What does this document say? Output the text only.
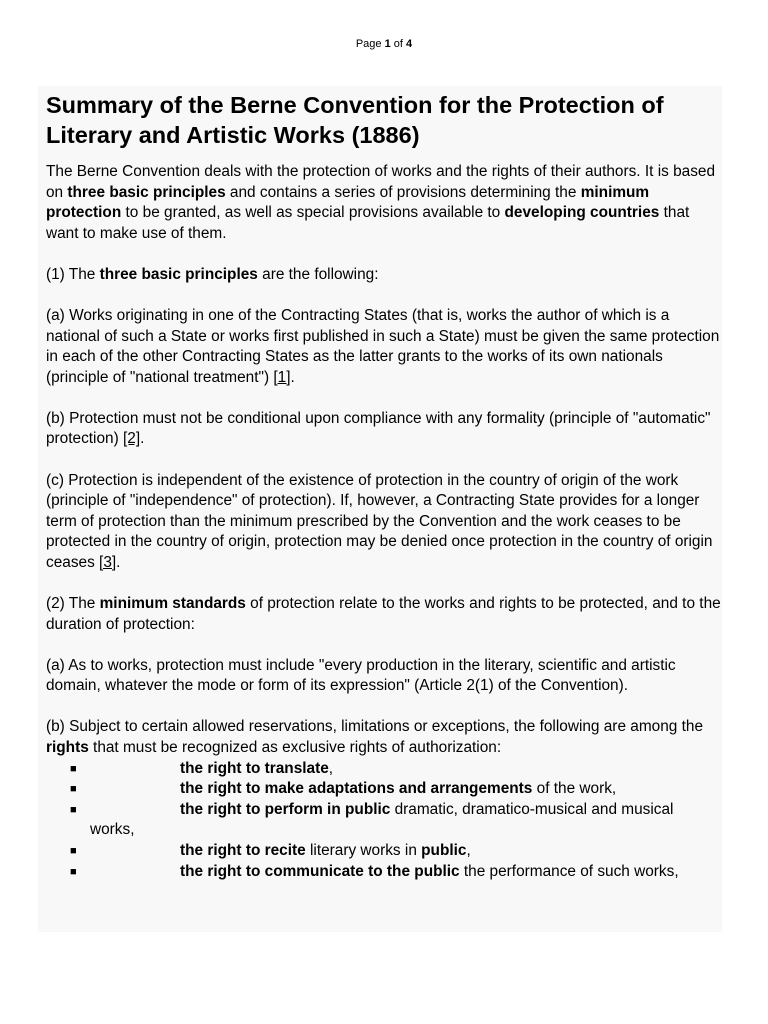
Page 1 of 4
Summary of the Berne Convention for the Protection of Literary and Artistic Works (1886)

The Berne Convention deals with the protection of works and the rights of their authors. It is based on three basic principles and contains a series of provisions determining the minimum protection to be granted, as well as special provisions available to developing countries that want to make use of them.

(1) The three basic principles are the following:

(a) Works originating in one of the Contracting States (that is, works the author of which is a national of such a State or works first published in such a State) must be given the same protection in each of the other Contracting States as the latter grants to the works of its own nationals (principle of "national treatment") [1].

(b) Protection must not be conditional upon compliance with any formality (principle of "automatic" protection) [2].

(c) Protection is independent of the existence of protection in the country of origin of the work (principle of "independence" of protection). If, however, a Contracting State provides for a longer term of protection than the minimum prescribed by the Convention and the work ceases to be protected in the country of origin, protection may be denied once protection in the country of origin ceases [3].

(2) The minimum standards of protection relate to the works and rights to be protected, and to the duration of protection:

(a) As to works, protection must include "every production in the literary, scientific and artistic domain, whatever the mode or form of its expression" (Article 2(1) of the Convention).

(b) Subject to certain allowed reservations, limitations or exceptions, the following are among the rights that must be recognized as exclusive rights of authorization:

■	the right to translate,
■	the right to make adaptations and arrangements of the work,
■	the right to perform in public dramatic, dramatico-musical and musical works,
■	the right to recite literary works in public,
■	the right to communicate to the public the performance of such works,
